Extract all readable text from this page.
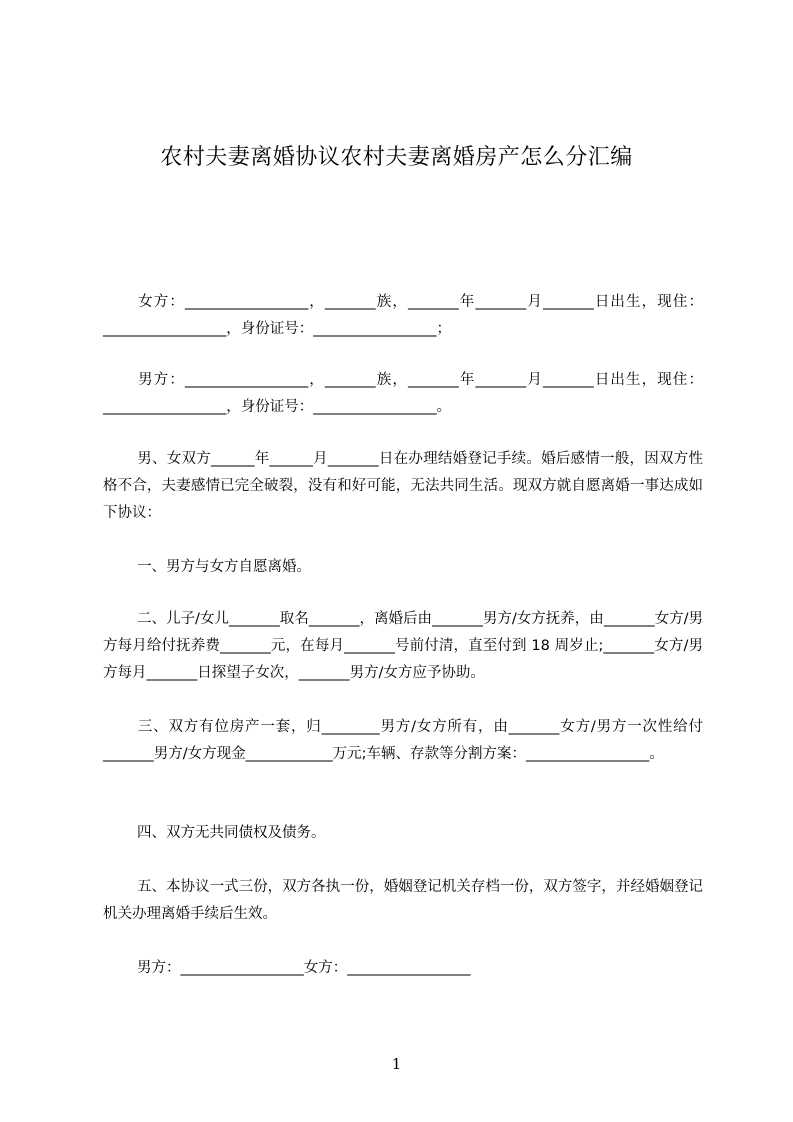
农村夫妻离婚协议农村夫妻离婚房产怎么分汇编
女方：_________________，_______族，_______年_______月_______日出生，现住：_________________，身份证号：_________________；
男方：_________________，_______族，_______年_______月_______日出生，现住：_________________，身份证号：_________________。
男、女双方______年______月_______日在办理结婚登记手续。婚后感情一般，因双方性格不合，夫妻感情已完全破裂，没有和好可能，无法共同生活。现双方就自愿离婚一事达成如下协议：
一、男方与女方自愿离婚。
二、儿子/女儿_______取名_______，离婚后由_______男方/女方抚养，由_______女方/男方每月给付抚养费_______元，在每月_______号前付清，直至付到 18 周岁止;_______女方/男方每月_______日探望子女次，_______男方/女方应予协助。
三、双方有位房产一套，归________男方/女方所有，由_______女方/男方一次性给付_______男方/女方现金____________万元;车辆、存款等分割方案：_________________。
四、双方无共同债权及债务。
五、本协议一式三份，双方各执一份，婚姻登记机关存档一份，双方签字，并经婚姻登记机关办理离婚手续后生效。
男方：_________________女方：_________________
1
